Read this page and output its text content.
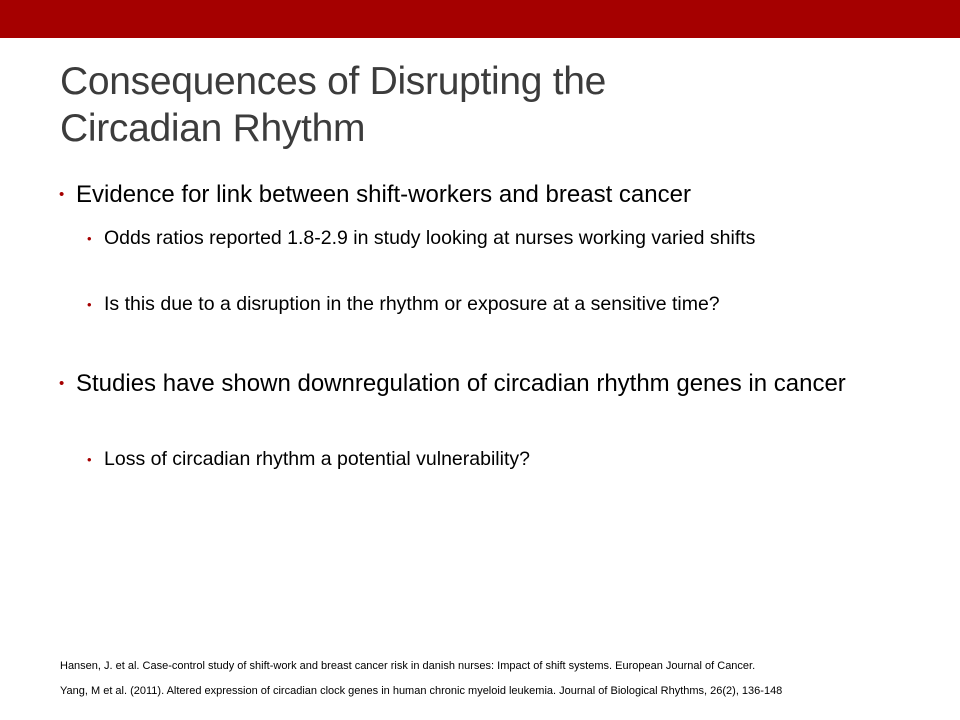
Consequences of Disrupting the
Circadian Rhythm
• Evidence for link between shift-workers and breast cancer
• Odds ratios reported 1.8-2.9 in study looking at nurses working varied shifts
• Is this due to a disruption in the rhythm or exposure at a sensitive time?
• Studies have shown downregulation of circadian rhythm genes in cancer
• Loss of circadian rhythm a potential vulnerability?
Hansen, J. et al. Case-control study of shift-work and breast cancer risk in danish nurses: Impact of shift systems. European Journal of Cancer.
Yang, M et al. (2011). Altered expression of circadian clock genes in human chronic myeloid leukemia. Journal of Biological Rhythms, 26(2), 136-148
